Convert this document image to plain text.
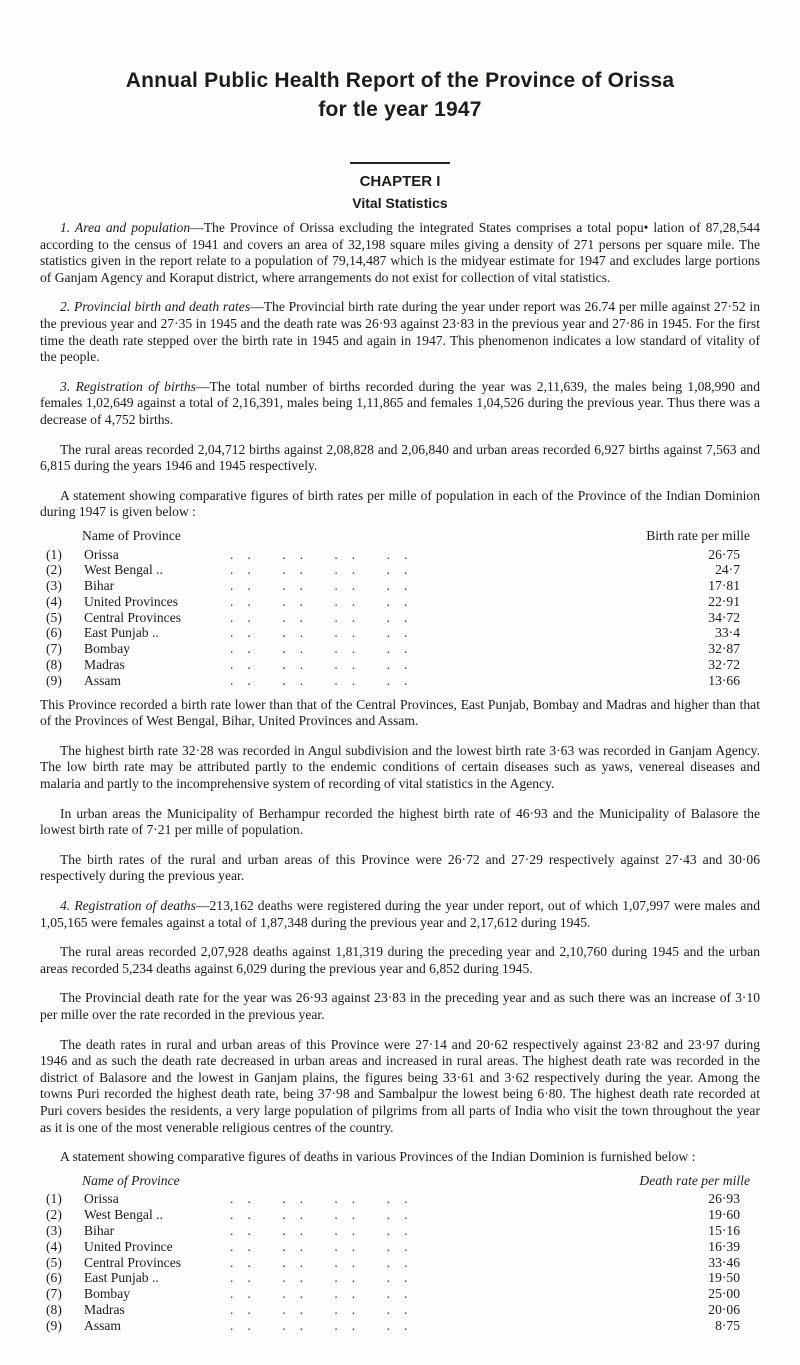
Annual Public Health Report of the Province of Orissa
for tle year 1947
CHAPTER I
Vital Statistics

1. Area and population—The Province of Orissa excluding the integrated States comprises a total popu• lation of 87,28,544 according to the census of 1941 and covers an area of 32,198 square miles giving a density of 271 persons per square mile. The statistics given in the report relate to a population of 79,14,487 which is the midyear estimate for 1947 and excludes large portions of Ganjam Agency and Koraput district, where arrangements do not exist for collection of vital statistics.

2. Provincial birth and death rates—The Provincial birth rate during the year under report was 26.74 per mille against 27·52 in the previous year and 27·35 in 1945 and the death rate was 26·93 against 23·83 in the previous year and 27·86 in 1945. For the first time the death rate stepped over the birth rate in 1945 and again in 1947. This phenomenon indicates a low standard of vitality of the people.

3. Registration of births—The total number of births recorded during the year was 2,11,639, the males being 1,08,990 and females 1,02,649 against a total of 2,16,391, males being 1,11,865 and females 1,04,526 during the previous year. Thus there was a decrease of 4,752 births.

The rural areas recorded 2,04,712 births against 2,08,828 and 2,06,840 and urban areas recorded 6,927 births against 7,563 and 6,815 during the years 1946 and 1945 respectively.

A statement showing comparative figures of birth rates per mille of population in each of the Province of the Indian Dominion during 1947 is given below :

Name of Province	Birth rate per mille
(1)	Orissa	.. .. .. ..	26·75
(2)	West Bengal ..	.. .. .. ..	24·7
(3)	Bihar	.. .. .. ..	17·81
(4)	United Provinces	.. .. .. ..	22·91
(5)	Central Provinces	.. .. .. ..	34·72
(6)	East Punjab ..	.. .. .. ..	33·4
(7)	Bombay	.. .. .. ..	32·87
(8)	Madras	.. .. .. ..	32·72
(9)	Assam	.. .. .. ..	13·66

This Province recorded a birth rate lower than that of the Central Provinces, East Punjab, Bombay and Madras and higher than that of the Provinces of West Bengal, Bihar, United Provinces and Assam.

The highest birth rate 32·28 was recorded in Angul subdivision and the lowest birth rate 3·63 was recorded in Ganjam Agency. The low birth rate may be attributed partly to the endemic conditions of certain diseases such as yaws, venereal diseases and malaria and partly to the incomprehensive system of recording of vital statistics in the Agency.

In urban areas the Municipality of Berhampur recorded the highest birth rate of 46·93 and the Municipality of Balasore the lowest birth rate of 7·21 per mille of population.

The birth rates of the rural and urban areas of this Province were 26·72 and 27·29 respectively against 27·43 and 30·06 respectively during the previous year.

4. Registration of deaths—213,162 deaths were registered during the year under report, out of which 1,07,997 were males and 1,05,165 were females against a total of 1,87,348 during the previous year and 2,17,612 during 1945.

The rural areas recorded 2,07,928 deaths against 1,81,319 during the preceding year and 2,10,760 during 1945 and the urban areas recorded 5,234 deaths against 6,029 during the previous year and 6,852 during 1945.

The Provincial death rate for the year was 26·93 against 23·83 in the preceding year and as such there was an increase of 3·10 per mille over the rate recorded in the previous year.

The death rates in rural and urban areas of this Province were 27·14 and 20·62 respectively against 23·82 and 23·97 during 1946 and as such the death rate decreased in urban areas and increased in rural areas. The highest death rate was recorded in the district of Balasore and the lowest in Ganjam plains, the figures being 33·61 and 3·62 respectively during the year. Among the towns Puri recorded the highest death rate, being 37·98 and Sambalpur the lowest being 6·80. The highest death rate recorded at Puri covers besides the residents, a very large population of pilgrims from all parts of India who visit the town throughout the year as it is one of the most venerable religious centres of the country.

A statement showing comparative figures of deaths in various Provinces of the Indian Dominion is furnished below :

Name of Province	Death rate per mille
(1)	Orissa	.. .. .. ..	26·93
(2)	West Bengal ..	.. .. .. ..	19·60
(3)	Bihar	.. .. .. ..	15·16
(4)	United Province	.. .. .. ..	16·39
(5)	Central Provinces	.. .. .. ..	33·46
(6)	East Punjab ..	.. .. .. ..	19·50
(7)	Bombay	.. .. .. ..	25·00
(8)	Madras	.. .. .. ..	20·06
(9)	Assam	.. .. .. ..	8·75
